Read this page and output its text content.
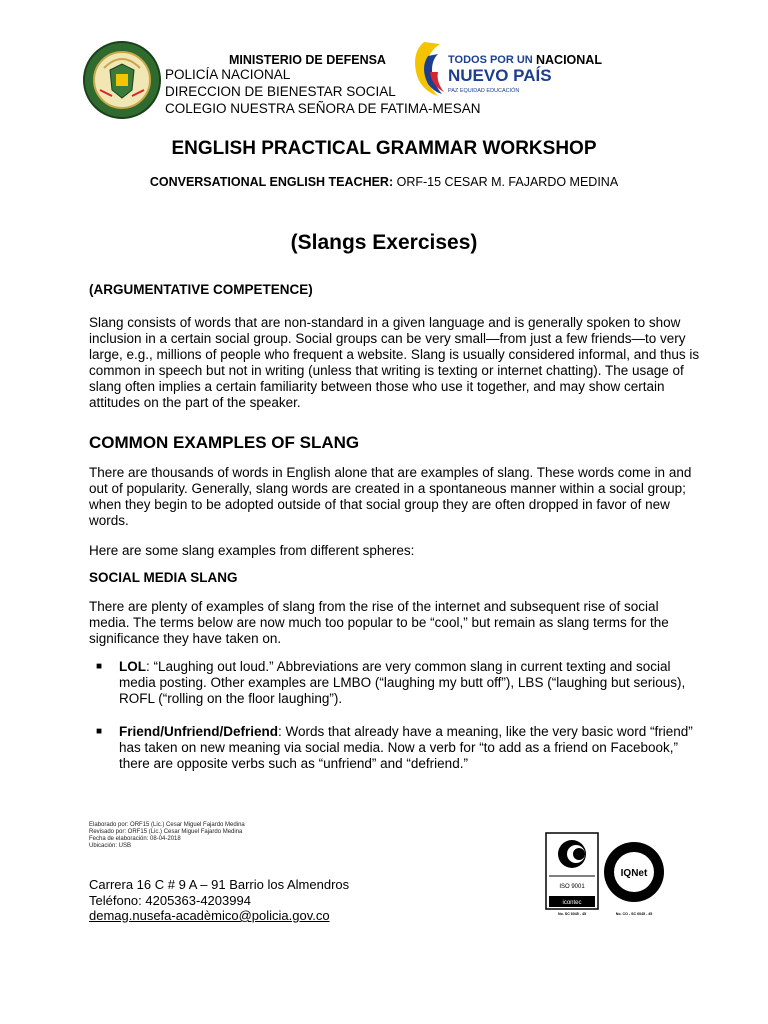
MINISTERIO DE DEFENSA	NACIONAL
POLICÍA NACIONAL
DIRECCION DE BIENESTAR SOCIAL
COLEGIO NUESTRA SEÑORA DE FATIMA-MESAN
TODOS POR UN
NUEVO PAÍS
PAZ EQUIDAD EDUCACIÓN
ENGLISH PRACTICAL GRAMMAR WORKSHOP
CONVERSATIONAL ENGLISH TEACHER: ORF-15 CESAR M. FAJARDO MEDINA
(Slangs Exercises)
(ARGUMENTATIVE COMPETENCE)
Slang consists of words that are non-standard in a given language and is generally spoken to show inclusion in a certain social group. Social groups can be very small—from just a few friends—to very large, e.g., millions of people who frequent a website. Slang is usually considered informal, and thus is common in speech but not in writing (unless that writing is texting or internet chatting). The usage of slang often implies a certain familiarity between those who use it together, and may show certain attitudes on the part of the speaker.
COMMON EXAMPLES OF SLANG
There are thousands of words in English alone that are examples of slang. These words come in and out of popularity. Generally, slang words are created in a spontaneous manner within a social group; when they begin to be adopted outside of that social group they are often dropped in favor of new words.
Here are some slang examples from different spheres:
SOCIAL MEDIA SLANG
There are plenty of examples of slang from the rise of the internet and subsequent rise of social media. The terms below are now much too popular to be “cool,” but remain as slang terms for the significance they have taken on.
■ LOL: “Laughing out loud.” Abbreviations are very common slang in current texting and social media posting. Other examples are LMBO (“laughing my butt off”), LBS (“laughing but serious), ROFL (“rolling on the floor laughing”).
■ Friend/Unfriend/Defriend: Words that already have a meaning, like the very basic word “friend” has taken on new meaning via social media. Now a verb for “to add as a friend on Facebook,” there are opposite verbs such as “unfriend” and “defriend.”
Elaborado por: ORF15 (Lic.) Cesar Miguel Fajardo Medina
Revisado por: ORF15 (Lic.) Cesar Miguel Fajardo Medina
Fecha de elaboración: 08-04-2018
Ubicación: USB
Carrera 16 C # 9 A – 91 Barrio los Almendros
Teléfono: 4205363-4203994
demag.nusefa-acadèmico@policia.gov.co
ISO 9001
icontec
No. SC 6045 - 45
IQNet
No. CO - SC 6045 - 45
